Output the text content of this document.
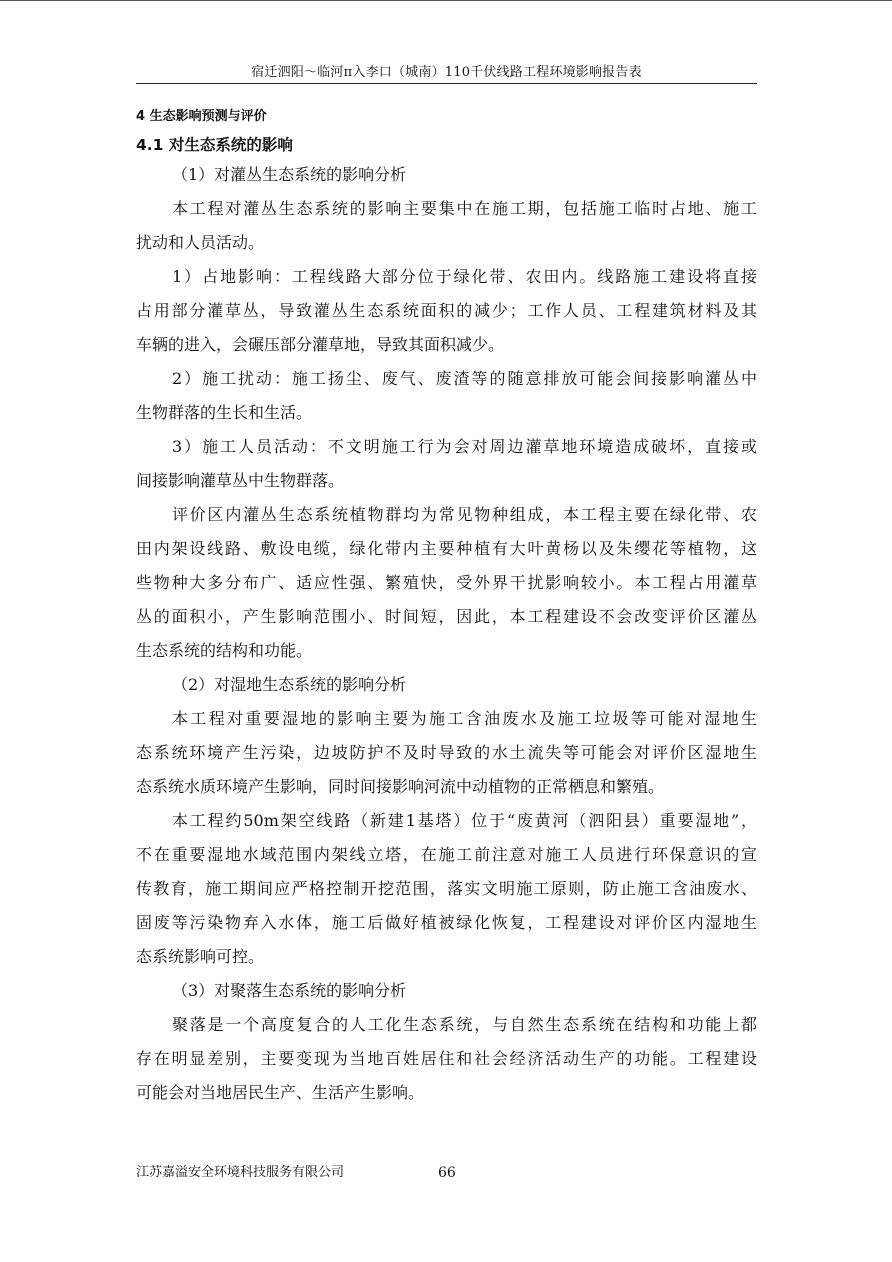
宿迁泗阳～临河π入李口（城南）110千伏线路工程环境影响报告表
4 生态影响预测与评价
4.1 对生态系统的影响
（1）对灌丛生态系统的影响分析
本工程对灌丛生态系统的影响主要集中在施工期，包括施工临时占地、施工
扰动和人员活动。
1）占地影响：工程线路大部分位于绿化带、农田内。线路施工建设将直接
占用部分灌草丛，导致灌丛生态系统面积的减少；工作人员、工程建筑材料及其
车辆的进入，会碾压部分灌草地，导致其面积减少。
2）施工扰动：施工扬尘、废气、废渣等的随意排放可能会间接影响灌丛中
生物群落的生长和生活。
3）施工人员活动：不文明施工行为会对周边灌草地环境造成破坏，直接或
间接影响灌草丛中生物群落。
评价区内灌丛生态系统植物群均为常见物种组成，本工程主要在绿化带、农
田内架设线路、敷设电缆，绿化带内主要种植有大叶黄杨以及朱缨花等植物，这
些物种大多分布广、适应性强、繁殖快，受外界干扰影响较小。本工程占用灌草
丛的面积小，产生影响范围小、时间短，因此，本工程建设不会改变评价区灌丛
生态系统的结构和功能。
（2）对湿地生态系统的影响分析
本工程对重要湿地的影响主要为施工含油废水及施工垃圾等可能对湿地生
态系统环境产生污染，边坡防护不及时导致的水土流失等可能会对评价区湿地生
态系统水质环境产生影响，同时间接影响河流中动植物的正常栖息和繁殖。
本工程约50m架空线路（新建1基塔）位于“废黄河（泗阳县）重要湿地”，
不在重要湿地水域范围内架线立塔，在施工前注意对施工人员进行环保意识的宣
传教育，施工期间应严格控制开挖范围，落实文明施工原则，防止施工含油废水、
固废等污染物弃入水体，施工后做好植被绿化恢复，工程建设对评价区内湿地生
态系统影响可控。
（3）对聚落生态系统的影响分析
聚落是一个高度复合的人工化生态系统，与自然生态系统在结构和功能上都
存在明显差别，主要变现为当地百姓居住和社会经济活动生产的功能。工程建设
可能会对当地居民生产、生活产生影响。
江苏嘉溢安全环境科技服务有限公司	66
